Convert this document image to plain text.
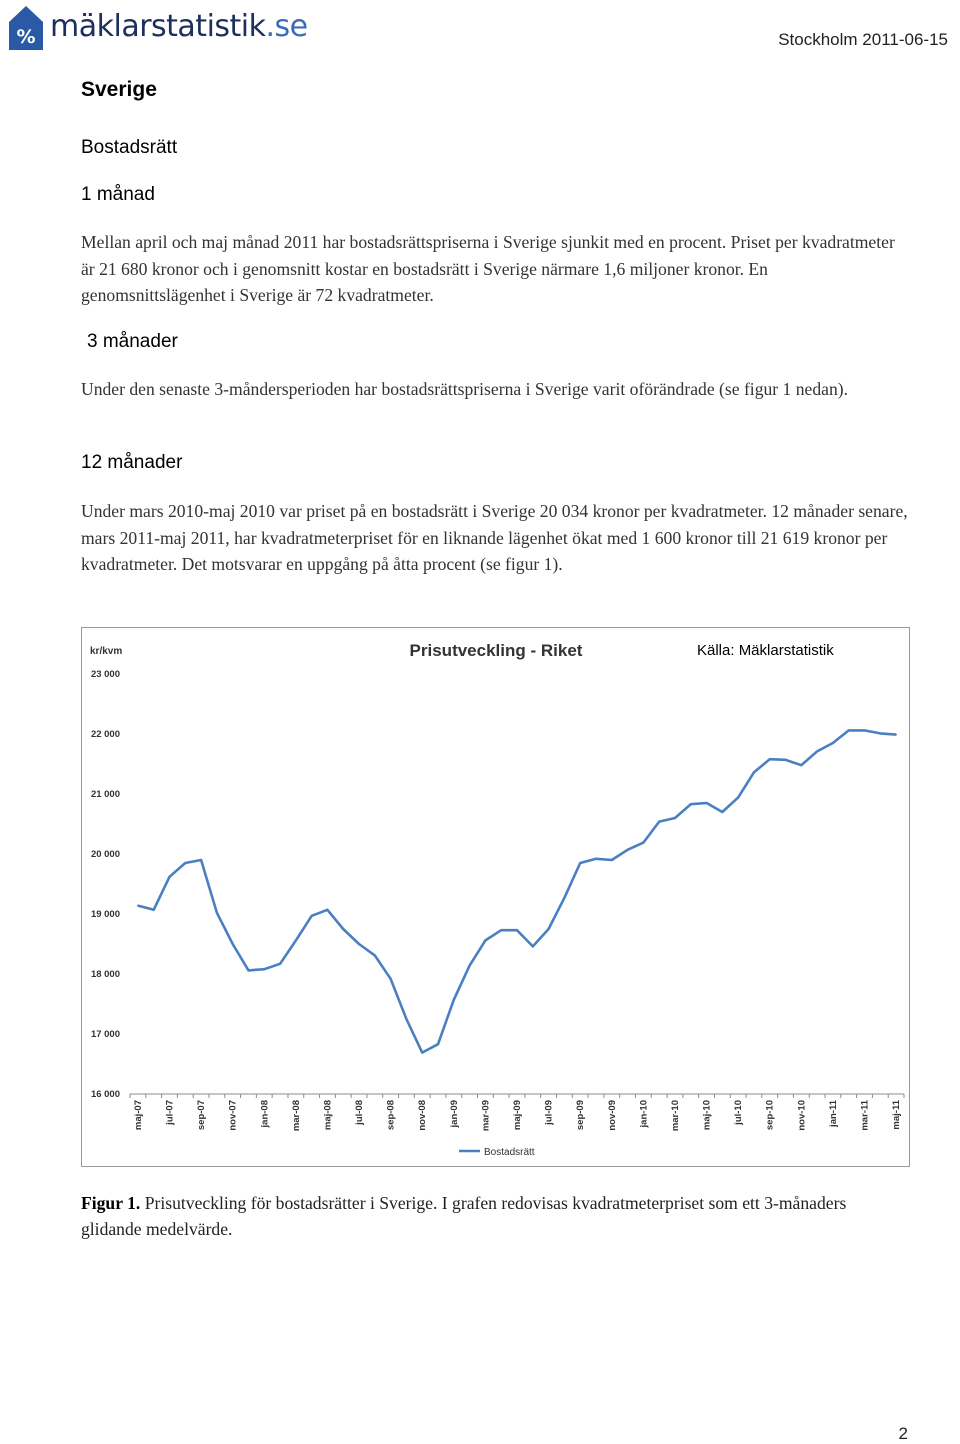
% mäklarstatistik.se	Stockholm 2011-06-15
Sverige
Bostadsrätt
1 månad

Mellan april och maj månad 2011 har bostadsrättspriserna i Sverige sjunkit med en procent. Priset per kvadratmeter är 21 680 kronor och i genomsnitt kostar en bostadsrätt i Sverige närmare 1,6 miljoner kronor. En genomsnittslägenhet i Sverige är 72 kvadratmeter.

3 månader

Under den senaste 3-måndersperioden har bostadsrättspriserna i Sverige varit oförändrade (se figur 1 nedan).

12 månader

Under mars 2010-maj 2010 var priset på en bostadsrätt i Sverige 20 034 kronor per kvadratmeter. 12 månader senare, mars 2011-maj 2011, har kvadratmeterpriset för en liknande lägenhet ökat med 1 600 kronor till 21 619 kronor per kvadratmeter. Det motsvarar en uppgång på åtta procent (se figur 1).

kr/kvm	Prisutveckling - Riket	Källa: Mäklarstatistik
16 000
17 000
18 000
19 000
20 000
21 000
22 000
23 000
maj-07 jul-07 sep-07 nov-07 jan-08 mar-08 maj-08 jul-08 sep-08 nov-08 jan-09 mar-09 maj-09 jul-09 sep-09 nov-09 jan-10 mar-10 maj-10 jul-10 sep-10 nov-10 jan-11 mar-11 maj-11
Bostadsrätt
Figur 1. Prisutveckling för bostadsrätter i Sverige. I grafen redovisas kvadratmeterpriset som ett 3-månaders glidande medelvärde.
2
